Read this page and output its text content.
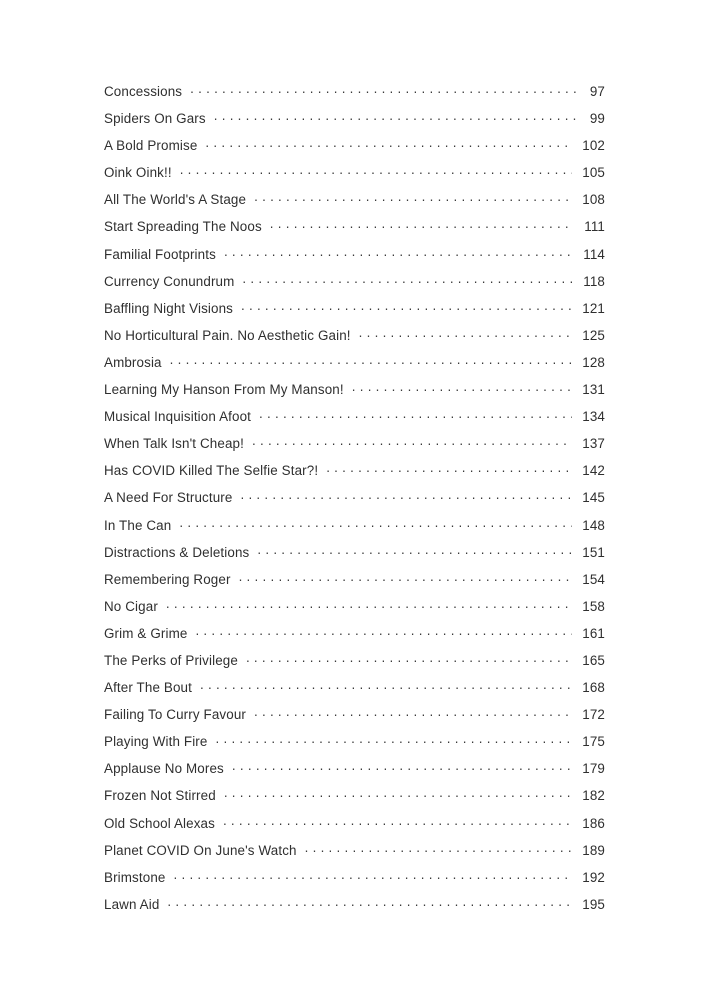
Concessions . . .	97
Spiders On Gars . . .	99
A Bold Promise . . .	102
Oink Oink!! . . .	105
All The World's A Stage . . .	108
Start Spreading The Noos . . .	111
Familial Footprints . . .	114
Currency Conundrum . . .	118
Baffling Night Visions . . .	121
No Horticultural Pain. No Aesthetic Gain! . . .	125
Ambrosia . . .	128
Learning My Hanson From My Manson! . . .	131
Musical Inquisition Afoot . . .	134
When Talk Isn't Cheap! . . .	137
Has COVID Killed The Selfie Star?! . . .	142
A Need For Structure . . .	145
In The Can . . .	148
Distractions & Deletions . . .	151
Remembering Roger . . .	154
No Cigar . . .	158
Grim & Grime . . .	161
The Perks of Privilege . . .	165
After The Bout . . .	168
Failing To Curry Favour . . .	172
Playing With Fire . . .	175
Applause No Mores . . .	179
Frozen Not Stirred . . .	182
Old School Alexas . . .	186
Planet COVID On June's Watch . . .	189
Brimstone . . .	192
Lawn Aid . . .	195
